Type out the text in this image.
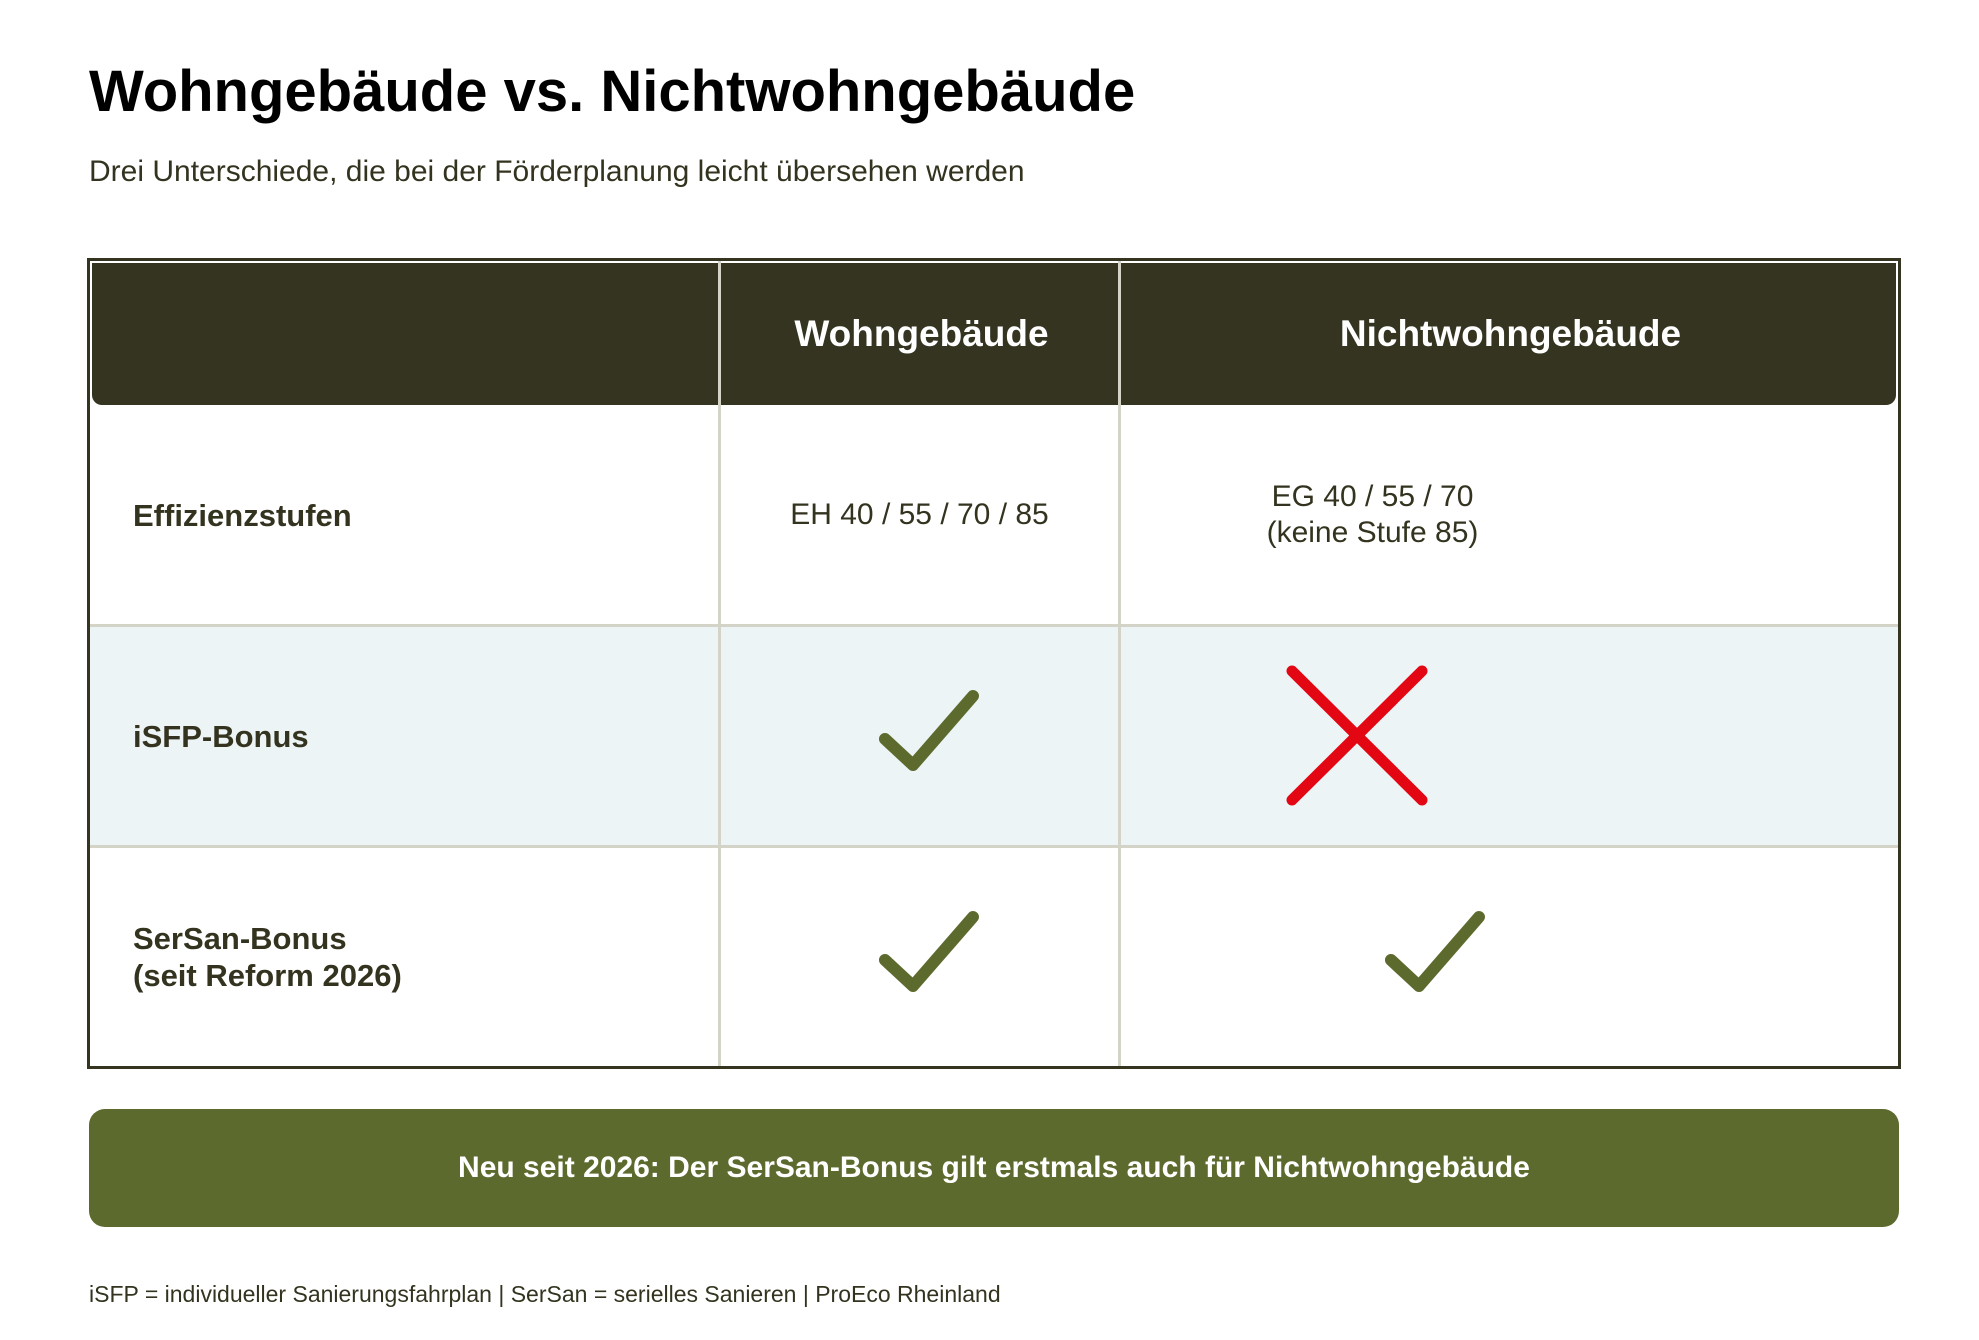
Wohngebäude vs. Nichtwohngebäude
Drei Unterschiede, die bei der Förderplanung leicht übersehen werden
Wohngebäude	Nichtwohngebäude
Effizienzstufen	EH 40 / 55 / 70 / 85
EG 40 / 55 / 70
(keine Stufe 85)
iSFP-Bonus
SerSan-Bonus
(seit Reform 2026)
Neu seit 2026: Der SerSan-Bonus gilt erstmals auch für Nichtwohngebäude
iSFP = individueller Sanierungsfahrplan | SerSan = serielles Sanieren | ProEco Rheinland
